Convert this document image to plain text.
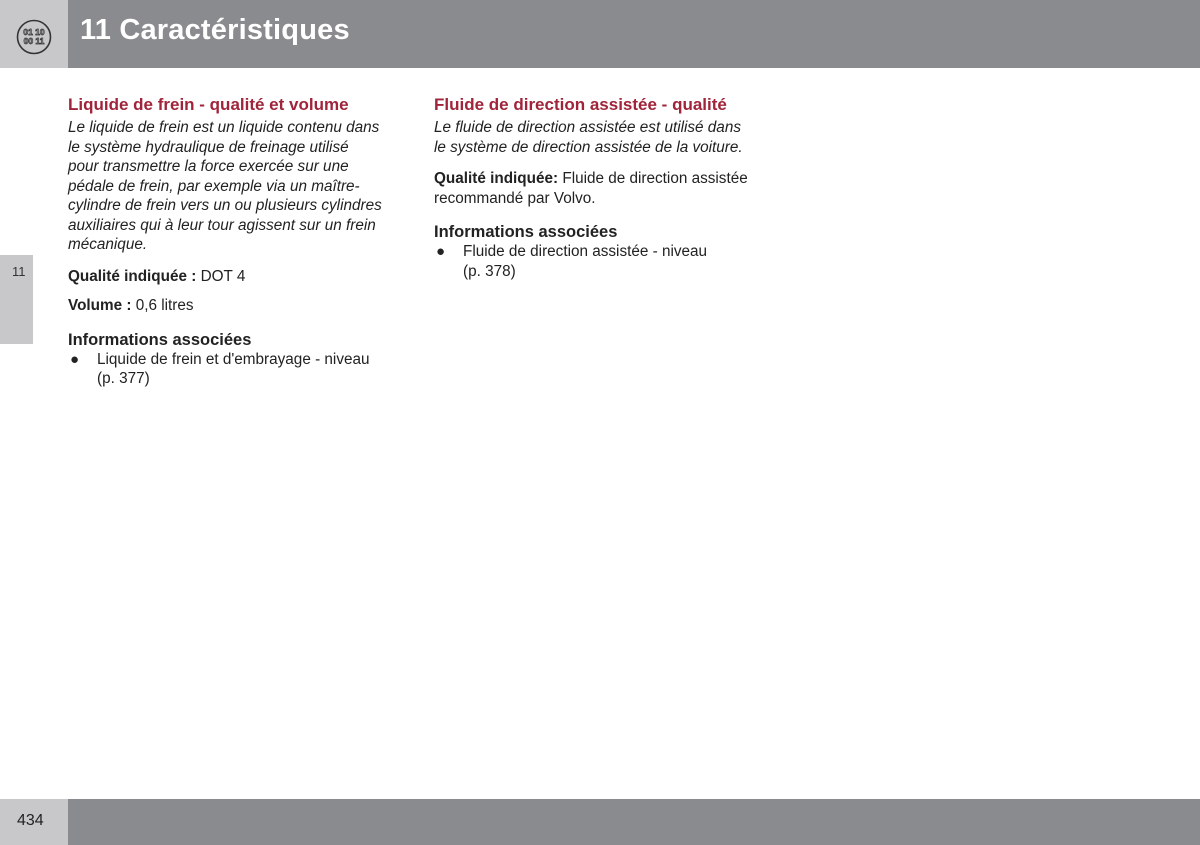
01 10
00 11 11 Caractéristiques
11
Liquide de frein - qualité et volume

Le liquide de frein est un liquide contenu dans
le système hydraulique de freinage utilisé
pour transmettre la force exercée sur une
pédale de frein, par exemple via un maître-
cylindre de frein vers un ou plusieurs cylindres
auxiliaires qui à leur tour agissent sur un frein
mécanique.

Qualité indiquée : DOT 4

Volume : 0,6 litres

Informations associées
● Liquide de frein et d'embrayage - niveau
(p. 377)
Fluide de direction assistée - qualité

Le fluide de direction assistée est utilisé dans
le système de direction assistée de la voiture.

Qualité indiquée: Fluide de direction assistée
recommandé par Volvo.

Informations associées
● Fluide de direction assistée - niveau
(p. 378)
434
